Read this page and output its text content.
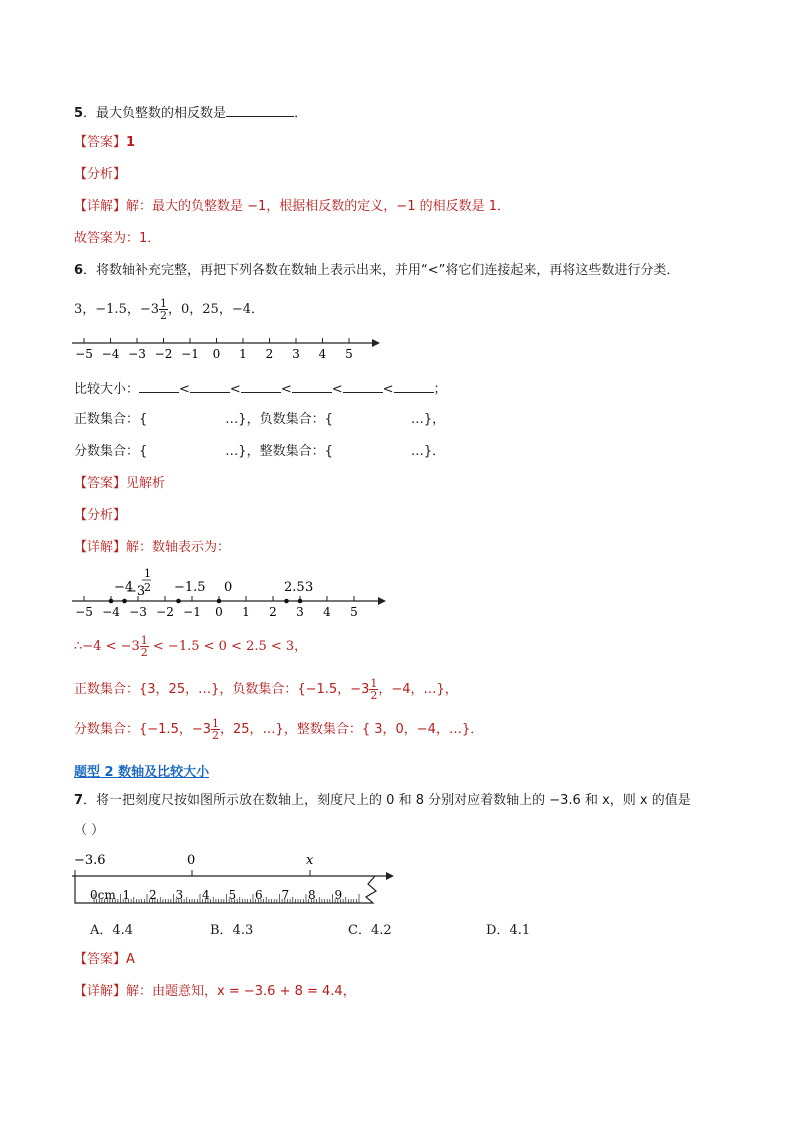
5．最大负整数的相反数是	．
【答案】1
【分析】
【详解】解：最大的负整数是 −1，根据相反数的定义，−1 的相反数是 1．
故答案为：1．
6．将数轴补充完整，再把下列各数在数轴上表示出来，并用“<”将它们连接起来，再将这些数进行分类．
3，−1.5，$-3 \frac{1}{2}$ ，0，25，−4．
−5 −4 −3 −2 −1 0 1 2 3 4 5
比较大小：	<	<	<	<	<	；
正数集合：{	…}，负数集合：{	…}，
分数集合：{	…}，整数集合：{	…}．
【答案】见解析
【分析】
【详解】解：数轴表示为：
−4
−3
1
2 −1.5 0	2.5 3
−5 −4 −3 −2 −1 0 1 2 3 4 5
∴−4 < $-3 \frac{1}{2} < -1.5 < 0 < 2.5 < 3$，
正数集合：{3，25，…}，负数集合：{−1.5，$-3 \frac{1}{2}$ ，−4，…}，
分数集合：{−1.5，$-3 \frac{1}{2}$ ，25，…}，整数集合：{ 3，0，−4，…}．
题型 2 数轴及比较大小
7．将一把刻度尺按如图所示放在数轴上，刻度尺上的 0 和 8 分别对应着数轴上的 −3.6 和 x，则 x 的值是
（ ）
−3.6	0	x
0cm 1 2 3 4 5 6 7 8 9
A．4.4	B．4.3	C．4.2	D．4.1
【答案】A
【详解】解：由题意知，x = −3.6 + 8 = 4.4，
